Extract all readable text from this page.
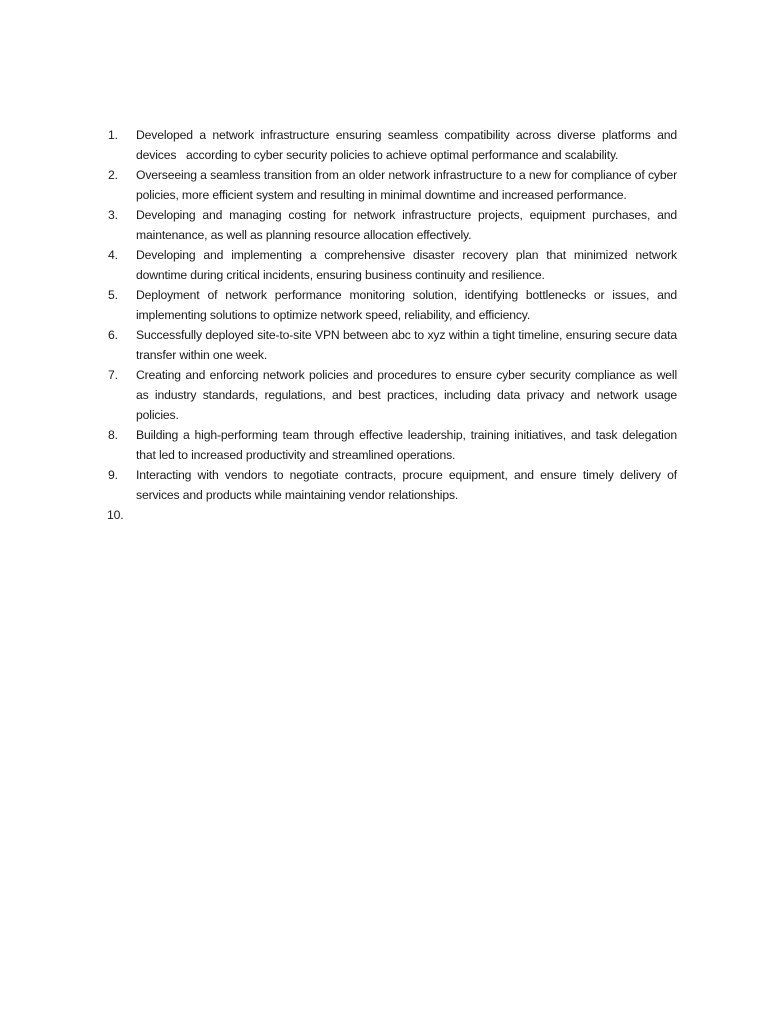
1.	Developed a network infrastructure ensuring seamless compatibility across diverse platforms and devices   according to cyber security policies to achieve optimal performance and scalability.
2.	Overseeing a seamless transition from an older network infrastructure to a new for compliance of cyber policies, more efficient system and resulting in minimal downtime and increased performance.
3.	Developing and managing costing for network infrastructure projects, equipment purchases, and maintenance, as well as planning resource allocation effectively.
4.	Developing and implementing a comprehensive disaster recovery plan that minimized network downtime during critical incidents, ensuring business continuity and resilience.
5.	Deployment of network performance monitoring solution, identifying bottlenecks or issues, and implementing solutions to optimize network speed, reliability, and efficiency.
6.	Successfully deployed site-to-site VPN between abc to xyz within a tight timeline, ensuring secure data transfer within one week.
7.	Creating and enforcing network policies and procedures to ensure cyber security compliance as well as industry standards, regulations, and best practices, including data privacy and network usage policies.
8.	Building a high-performing team through effective leadership, training initiatives, and task delegation that led to increased productivity and streamlined operations.
9.	Interacting with vendors to negotiate contracts, procure equipment, and ensure timely delivery of services and products while maintaining vendor relationships.
10.
